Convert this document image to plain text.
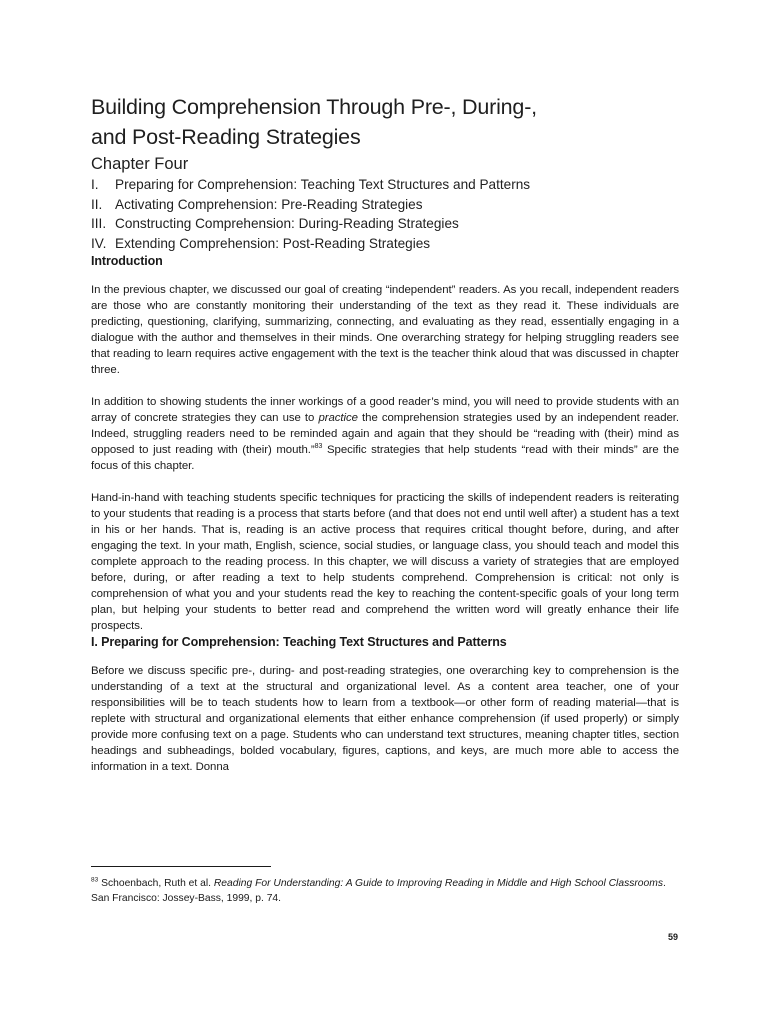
Building Comprehension Through Pre-, During-,
and Post-Reading Strategies
Chapter Four
I.	Preparing for Comprehension: Teaching Text Structures and Patterns
II. Activating Comprehension: Pre-Reading Strategies
III. Constructing Comprehension: During-Reading Strategies
IV. Extending Comprehension: Post-Reading Strategies
Introduction

In the previous chapter, we discussed our goal of creating “independent” readers. As you recall, independent readers are those who are constantly monitoring their understanding of the text as they read it. These individuals are predicting, questioning, clarifying, summarizing, connecting, and evaluating as they read, essentially engaging in a dialogue with the author and themselves in their minds. One overarching strategy for helping struggling readers see that reading to learn requires active engagement with the text is the teacher think aloud that was discussed in chapter three.

In addition to showing students the inner workings of a good reader’s mind, you will need to provide students with an array of concrete strategies they can use to practice the comprehension strategies used by an independent reader. Indeed, struggling readers need to be reminded again and again that they should be “reading with (their) mind as opposed to just reading with (their) mouth.”$^{83}$ Specific strategies that help students “read with their minds” are the focus of this chapter.

Hand-in-hand with teaching students specific techniques for practicing the skills of independent readers is reiterating to your students that reading is a process that starts before (and that does not end until well after) a student has a text in his or her hands. That is, reading is an active process that requires critical thought before, during, and after engaging the text. In your math, English, science, social studies, or language class, you should teach and model this complete approach to the reading process. In this chapter, we will discuss a variety of strategies that are employed before, during, or after reading a text to help students comprehend. Comprehension is critical: not only is comprehension of what you and your students read the key to reaching the content-specific goals of your long term plan, but helping your students to better read and comprehend the written word will greatly enhance their life prospects.

I. Preparing for Comprehension: Teaching Text Structures and Patterns

Before we discuss specific pre-, during- and post-reading strategies, one overarching key to comprehension is the understanding of a text at the structural and organizational level. As a content area teacher, one of your responsibilities will be to teach students how to learn from a textbook—or other form of reading material—that is replete with structural and organizational elements that either enhance comprehension (if used properly) or simply provide more confusing text on a page. Students who can understand text structures, meaning chapter titles, section headings and subheadings, bolded vocabulary, figures, captions, and keys, are much more able to access the information in a text. Donna

$^{83}$ Schoenbach, Ruth et al. Reading For Understanding: A Guide to Improving Reading in Middle and High School Classrooms. San Francisco: Jossey-Bass, 1999, p. 74.
59
